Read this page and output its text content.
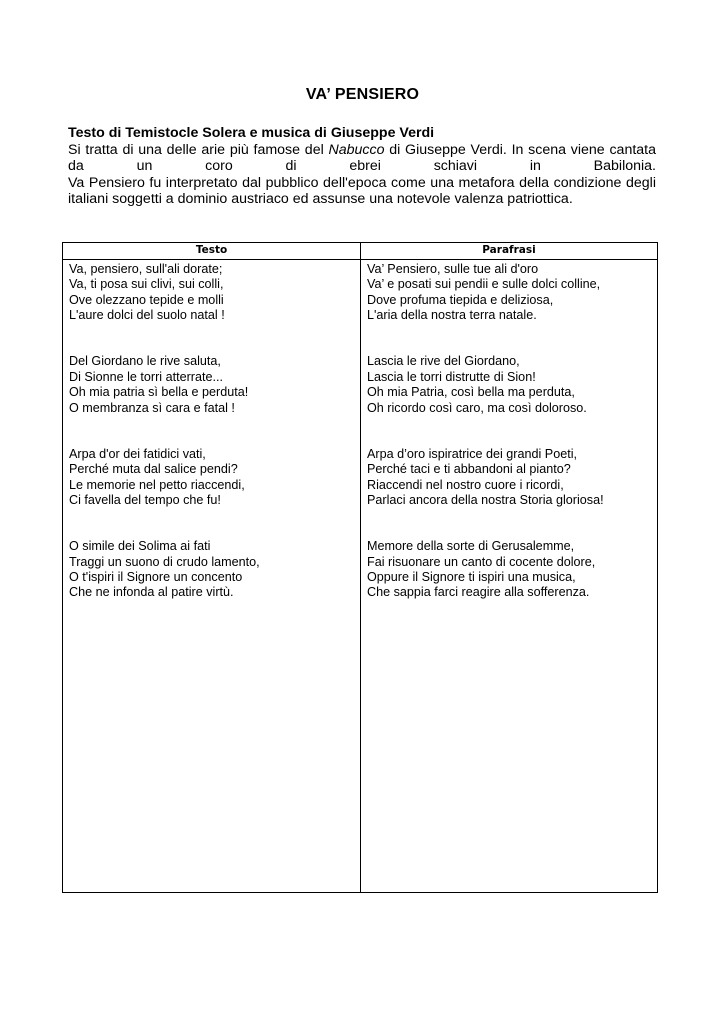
VA’ PENSIERO
Testo di Temistocle Solera e musica di Giuseppe Verdi
Si tratta di una delle arie più famose del Nabucco di Giuseppe Verdi. In scena viene cantata da un coro di ebrei schiavi in Babilonia.
Va Pensiero fu interpretato dal pubblico dell'epoca come una metafora della condizione degli italiani soggetti a dominio austriaco ed assunse una notevole valenza patriottica.
Testo	Parafrasi

Va, pensiero, sull'ali dorate;
Va, ti posa sui clivi, sui colli,
Ove olezzano tepide e molli
L'aure dolci del suolo natal !

Del Giordano le rive saluta,
Di Sionne le torri atterrate...
Oh mia patria sì bella e perduta!
O membranza sì cara e fatal !

Arpa d'or dei fatidici vati,
Perché muta dal salice pendi?
Le memorie nel petto riaccendi,
Ci favella del tempo che fu!

O simile dei Solima ai fati
Traggi un suono di crudo lamento,
O t'ispiri il Signore un concento
Che ne infonda al patire virtù.

Va’ Pensiero, sulle tue ali d'oro
Va’ e posati sui pendii e sulle dolci colline,
Dove profuma tiepida e deliziosa,
L'aria della nostra terra natale.

Lascia le rive del Giordano,
Lascia le torri distrutte di Sion!
Oh mia Patria, così bella ma perduta,
Oh ricordo così caro, ma così doloroso.

Arpa d’oro ispiratrice dei grandi Poeti,
Perché taci e ti abbandoni al pianto?
Riaccendi nel nostro cuore i ricordi,
Parlaci ancora della nostra Storia gloriosa!

Memore della sorte di Gerusalemme,
Fai risuonare un canto di cocente dolore,
Oppure il Signore ti ispiri una musica,
Che sappia farci reagire alla sofferenza.
